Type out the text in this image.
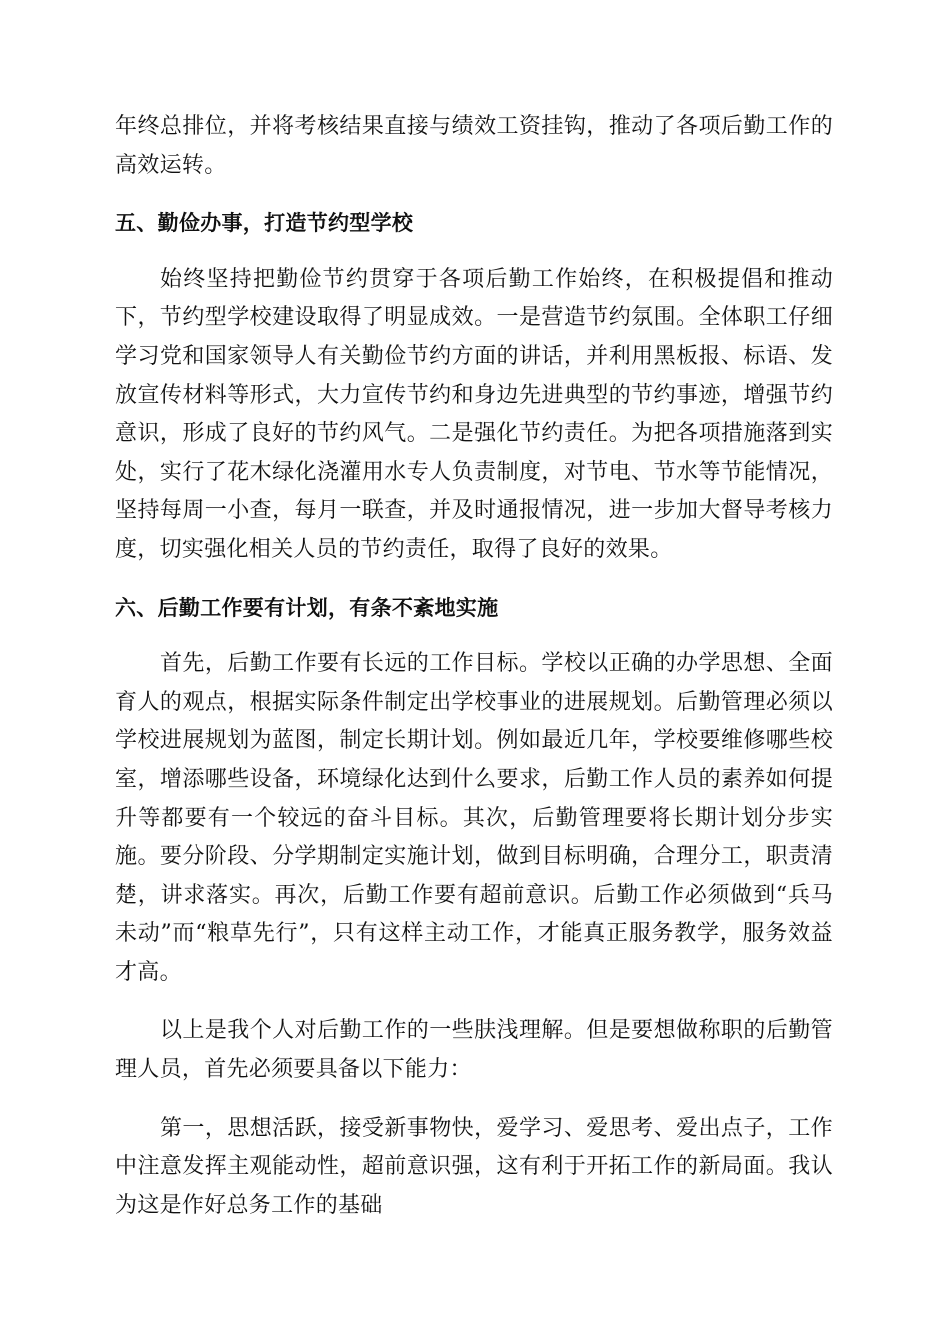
年终总排位，并将考核结果直接与绩效工资挂钩，推动了各项后勤工作的高效运转。

五、勤俭办事，打造节约型学校

始终坚持把勤俭节约贯穿于各项后勤工作始终，在积极提倡和推动下，节约型学校建设取得了明显成效。一是营造节约氛围。全体职工仔细学习党和国家领导人有关勤俭节约方面的讲话，并利用黑板报、标语、发放宣传材料等形式，大力宣传节约和身边先进典型的节约事迹，增强节约意识，形成了良好的节约风气。二是强化节约责任。为把各项措施落到实处，实行了花木绿化浇灌用水专人负责制度，对节电、节水等节能情况，坚持每周一小查，每月一联查，并及时通报情况，进一步加大督导考核力度，切实强化相关人员的节约责任，取得了良好的效果。

六、后勤工作要有计划，有条不紊地实施

首先，后勤工作要有长远的工作目标。学校以正确的办学思想、全面育人的观点，根据实际条件制定出学校事业的进展规划。后勤管理必须以学校进展规划为蓝图，制定长期计划。例如最近几年，学校要维修哪些校室，增添哪些设备，环境绿化达到什么要求，后勤工作人员的素养如何提升等都要有一个较远的奋斗目标。其次，后勤管理要将长期计划分步实施。要分阶段、分学期制定实施计划，做到目标明确，合理分工，职责清楚，讲求落实。再次，后勤工作要有超前意识。后勤工作必须做到“兵马未动”而“粮草先行”，只有这样主动工作，才能真正服务教学，服务效益才高。

以上是我个人对后勤工作的一些肤浅理解。但是要想做称职的后勤管理人员，首先必须要具备以下能力：

第一，思想活跃，接受新事物快，爱学习、爱思考、爱出点子，工作中注意发挥主观能动性，超前意识强，这有利于开拓工作的新局面。我认为这是作好总务工作的基础
